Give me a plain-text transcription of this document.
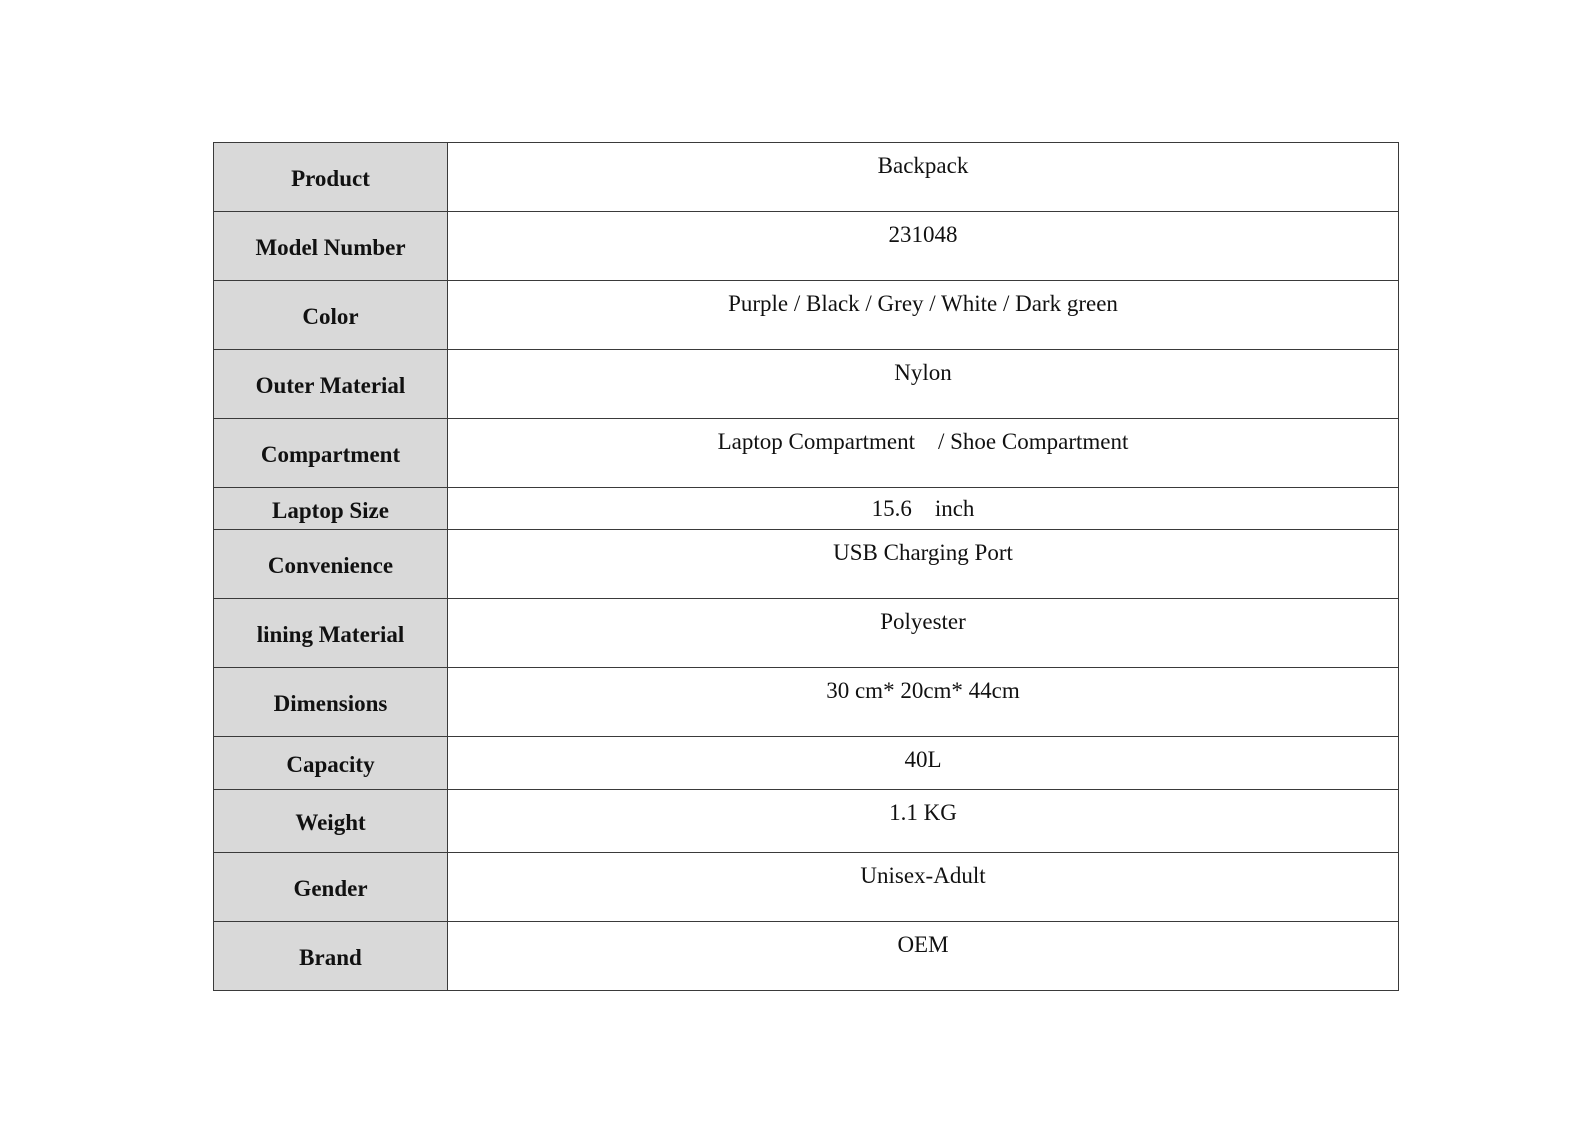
Product	Backpack
Model Number	231048
Color	Purple / Black / Grey / White / Dark green
Outer Material	Nylon
Compartment	Laptop Compartment    / Shoe Compartment
Laptop Size	15.6    inch
Convenience	USB Charging Port
lining Material	Polyester
Dimensions	30 cm* 20cm* 44cm
Capacity	40L
Weight	1.1 KG
Gender	Unisex-Adult
Brand	OEM
